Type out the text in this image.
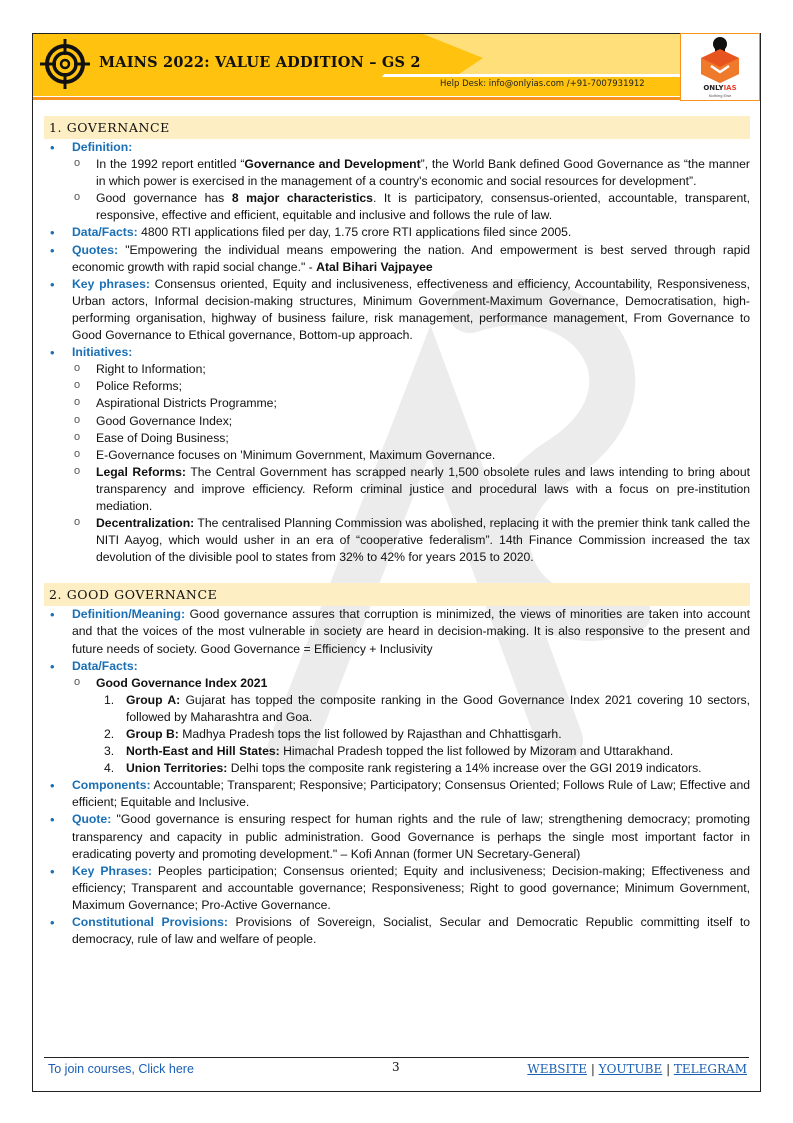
MAINS 2022: VALUE ADDITION – GS 2
Help Desk: info@onlyias.com /+91-7007931912	ONLYIAS
Nothing Else
1. GOVERNANCE
• Definition:
ο In the 1992 report entitled “Governance and Development”, the World Bank defined Good Governance as “the manner in which power is exercised in the management of a country's economic and social resources for development”.
ο Good governance has 8 major characteristics. It is participatory, consensus-oriented, accountable, transparent, responsive, effective and efficient, equitable and inclusive and follows the rule of law.
• Data/Facts: 4800 RTI applications filed per day, 1.75 crore RTI applications filed since 2005.
• Quotes: "Empowering the individual means empowering the nation. And empowerment is best served through rapid economic growth with rapid social change." - Atal Bihari Vajpayee
• Key phrases: Consensus oriented, Equity and inclusiveness, effectiveness and efficiency, Accountability, Responsiveness, Urban actors, Informal decision-making structures, Minimum Government-Maximum Governance, Democratisation, high-performing organisation, highway of business failure, risk management, performance management, From Governance to Good Governance to Ethical governance, Bottom-up approach.
• Initiatives:
ο Right to Information;
ο Police Reforms;
ο Aspirational Districts Programme;
ο Good Governance Index;
ο Ease of Doing Business;
ο E-Governance focuses on 'Minimum Government, Maximum Governance.
ο Legal Reforms: The Central Government has scrapped nearly 1,500 obsolete rules and laws intending to bring about transparency and improve efficiency. Reform criminal justice and procedural laws with a focus on pre-institution mediation.
ο Decentralization: The centralised Planning Commission was abolished, replacing it with the premier think tank called the NITI Aayog, which would usher in an era of “cooperative federalism”. 14th Finance Commission increased the tax devolution of the divisible pool to states from 32% to 42% for years 2015 to 2020.
2. GOOD GOVERNANCE
• Definition/Meaning: Good governance assures that corruption is minimized, the views of minorities are taken into account and that the voices of the most vulnerable in society are heard in decision-making. It is also responsive to the present and future needs of society. Good Governance = Efficiency + Inclusivity
• Data/Facts:
ο Good Governance Index 2021
1. Group A: Gujarat has topped the composite ranking in the Good Governance Index 2021 covering 10 sectors, followed by Maharashtra and Goa.
2. Group B: Madhya Pradesh tops the list followed by Rajasthan and Chhattisgarh.
3. North-East and Hill States: Himachal Pradesh topped the list followed by Mizoram and Uttarakhand.
4. Union Territories: Delhi tops the composite rank registering a 14% increase over the GGI 2019 indicators.
• Components: Accountable; Transparent; Responsive; Participatory; Consensus Oriented; Follows Rule of Law; Effective and efficient; Equitable and Inclusive.
• Quote: "Good governance is ensuring respect for human rights and the rule of law; strengthening democracy; promoting transparency and capacity in public administration. Good Governance is perhaps the single most important factor in eradicating poverty and promoting development." – Kofi Annan (former UN Secretary-General)
• Key Phrases: Peoples participation; Consensus oriented; Equity and inclusiveness; Decision-making; Effectiveness and efficiency; Transparent and accountable governance; Responsiveness; Right to good governance; Minimum Government, Maximum Governance; Pro-Active Governance.
• Constitutional Provisions: Provisions of Sovereign, Socialist, Secular and Democratic Republic committing itself to democracy, rule of law and welfare of people.
To join courses, Click here	3	WEBSITE | YOUTUBE | TELEGRAM
